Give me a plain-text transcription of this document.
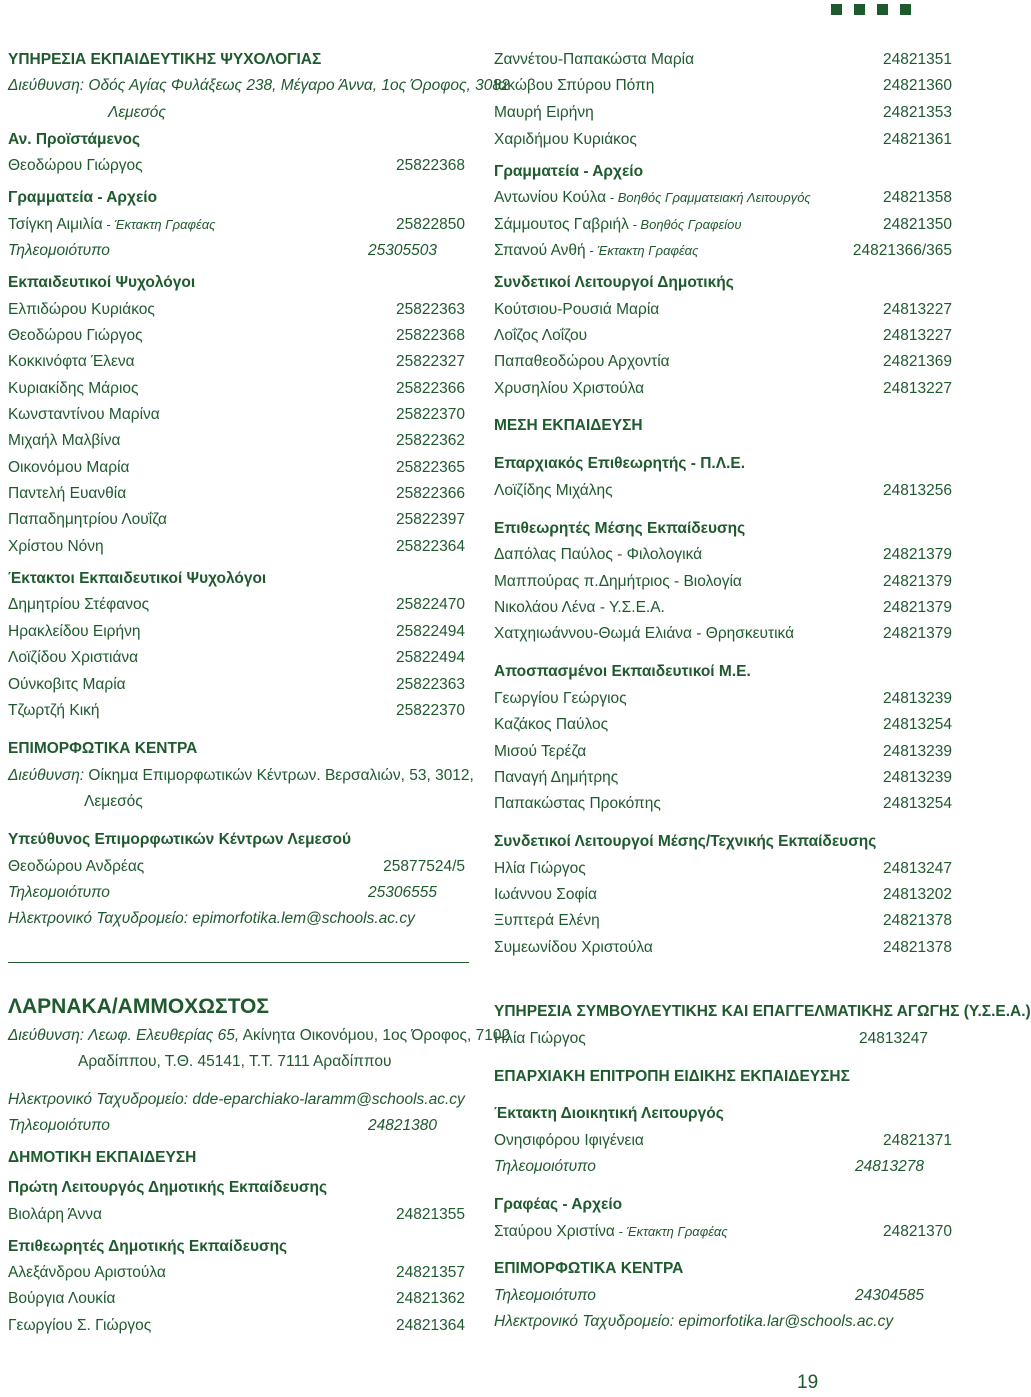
ΥΠΗΡΕΣΙΑ ΕΚΠΑΙΔΕΥΤΙΚΗΣ ΨΥΧΟΛΟΓΙΑΣ
Διεύθυνση: Οδός Αγίας Φυλάξεως 238, Μέγαρο Άννα, 1ος Όροφος, 3082
Λεμεσός
Αν. Προϊστάμενος
Θεοδώρου Γιώργος	25822368
Γραμματεία - Αρχείο
Τσίγκη Αιμιλία - Έκτακτη Γραφέας	25822850
Τηλεομοιότυπο	25305503
Εκπαιδευτικοί Ψυχολόγοι
Ελπιδώρου Κυριάκος	25822363
Θεοδώρου Γιώργος	25822368
Κοκκινόφτα Έλενα	25822327
Κυριακίδης Μάριος	25822366
Κωνσταντίνου Μαρίνα	25822370
Μιχαήλ Μαλβίνα	25822362
Οικονόμου Μαρία	25822365
Παντελή Ευανθία	25822366
Παπαδημητρίου Λουΐζα	25822397
Χρίστου Νόνη	25822364
Έκτακτοι Εκπαιδευτικοί Ψυχολόγοι
Δημητρίου Στέφανος	25822470
Ηρακλείδου Ειρήνη	25822494
Λοϊζίδου Χριστιάνα	25822494
Ούνκοβιτς Μαρία	25822363
Τζωρτζή Κική	25822370
ΕΠΙΜΟΡΦΩΤΙΚΑ ΚΕΝΤΡΑ
Διεύθυνση: Οίκημα Επιμορφωτικών Κέντρων. Βερσαλιών, 53, 3012,
Λεμεσός
Υπεύθυνος Επιμορφωτικών Κέντρων Λεμεσού
Θεοδώρου Ανδρέας	25877524/5
Τηλεομοιότυπο	25306555
Ηλεκτρονικό Ταχυδρομείο: epimorfotika.lem@schools.ac.cy
Ζαννέτου-Παπακώστα Μαρία	24821351
Ιακώβου Σπύρου Πόπη	24821360
Μαυρή Ειρήνη	24821353
Χαριδήμου Κυριάκος	24821361
Γραμματεία - Αρχείο
Αντωνίου Κούλα - Βοηθός Γραμματειακή Λειτουργός	24821358
Σάμμουτος Γαβριήλ - Βοηθός Γραφείου	24821350
Σπανού Ανθή - Έκτακτη Γραφέας	24821366/365
Συνδετικοί Λειτουργοί Δημοτικής
Κούτσιου-Ρουσιά Μαρία	24813227
Λοΐζος Λοΐζου	24813227
Παπαθεοδώρου Αρχοντία	24821369
Χρυσηλίου Χριστούλα	24813227
ΜΕΣΗ ΕΚΠΑΙΔΕΥΣΗ
Επαρχιακός Επιθεωρητής - Π.Λ.Ε.
Λοϊζίδης Μιχάλης	24813256
Επιθεωρητές Μέσης Εκπαίδευσης
Δαπόλας Παύλος - Φιλολογικά	24821379
Μαππούρας π.Δημήτριος - Βιολογία	24821379
Νικολάου Λένα - Υ.Σ.Ε.Α.	24821379
Χατχηιωάννου-Θωμά Ελιάνα - Θρησκευτικά	24821379
Αποσπασμένοι Εκπαιδευτικοί Μ.Ε.
Γεωργίου Γεώργιος	24813239
Καζάκος Παύλος	24813254
Μισού Τερέζα	24813239
Παναγή Δημήτρης	24813239
Παπακώστας Προκόπης	24813254
Συνδετικοί Λειτουργοί Μέσης/Τεχνικής Εκπαίδευσης
Ηλία Γιώργος	24813247
Ιωάννου Σοφία	24813202
Ξυπτερά Ελένη	24821378
Συμεωνίδου Χριστούλα	24821378
ΛΑΡΝΑΚΑ/ΑΜΜΟΧΩΣΤΟΣ
Διεύθυνση: Λεωφ. Ελευθερίας 65, Ακίνητα Οικονόμου, 1ος Όροφος, 7102
Αραδίππου, Τ.Θ. 45141, Τ.Τ. 7111 Αραδίππου
Ηλεκτρονικό Ταχυδρομείο: dde-eparchiako-laramm@schools.ac.cy
Τηλεομοιότυπο	24821380
ΔΗΜΟΤΙΚΗ ΕΚΠΑΙΔΕΥΣΗ
Πρώτη Λειτουργός Δημοτικής Εκπαίδευσης
Βιολάρη Άννα	24821355
Επιθεωρητές Δημοτικής Εκπαίδευσης
Αλεξάνδρου Αριστούλα	24821357
Βούργια Λουκία	24821362
Γεωργίου Σ. Γιώργος	24821364
ΥΠΗΡΕΣΙΑ ΣΥΜΒΟΥΛΕΥΤΙΚΗΣ ΚΑΙ ΕΠΑΓΓΕΛΜΑΤΙΚΗΣ ΑΓΩΓΗΣ (Υ.Σ.Ε.Α.)
Ηλία Γιώργος	24813247
ΕΠΑΡΧΙΑΚΗ ΕΠΙΤΡΟΠΗ ΕΙΔΙΚΗΣ ΕΚΠΑΙΔΕΥΣΗΣ
Έκτακτη Διοικητική Λειτουργός
Ονησιφόρου Ιφιγένεια	24821371
Τηλεομοιότυπο	24813278
Γραφέας - Αρχείο
Σταύρου Χριστίνα - Έκτακτη Γραφέας	24821370
ΕΠΙΜΟΡΦΩΤΙΚΑ ΚΕΝΤΡΑ
Τηλεομοιότυπο	24304585
Ηλεκτρονικό Ταχυδρομείο: epimorfotika.lar@schools.ac.cy
19
